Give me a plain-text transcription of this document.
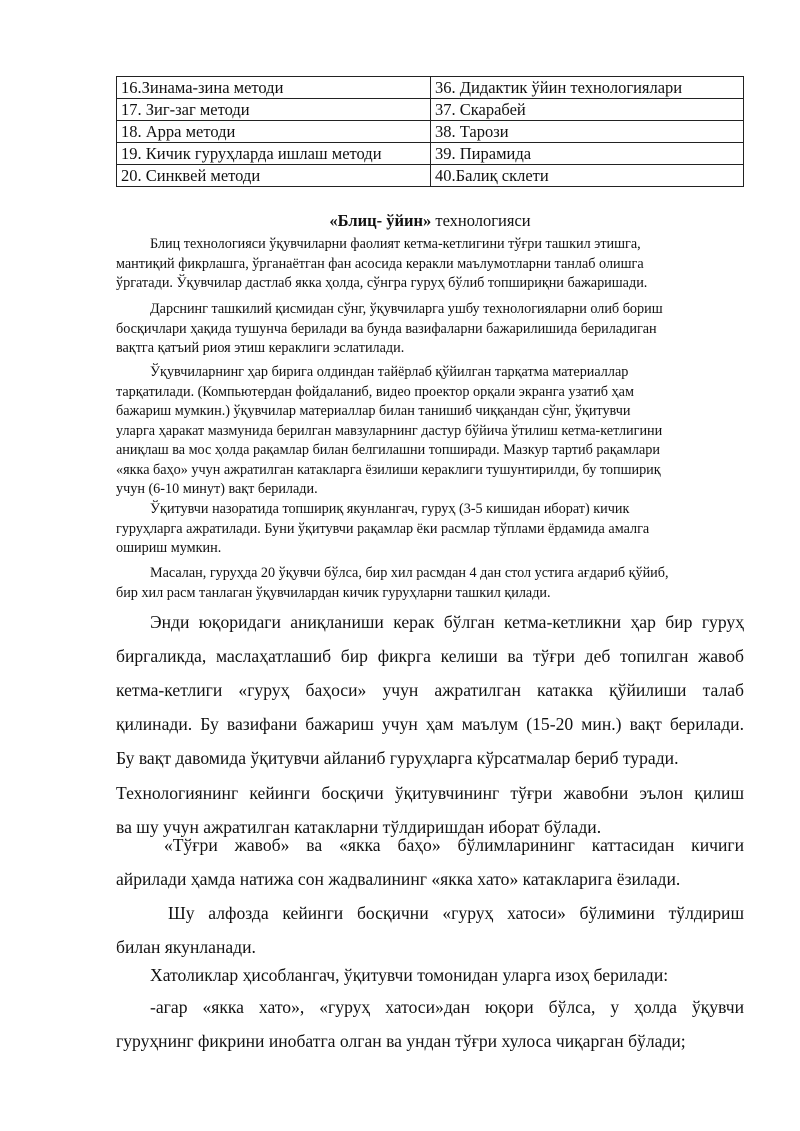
16.Зинама-зина методи	36. Дидактик ўйин технологиялари
17. Зиг-заг методи	37. Скарабей
18. Арра методи	38. Тарози
19. Кичик гуруҳларда ишлаш методи	39. Пирамида
20. Синквей методи	40.Балиқ склети
«Блиц- ўйин» технологияси

Блиц технологияси ўқувчиларни фаолият кетма-кетлигини тўғри ташкил этишга,
мантиқий фикрлашга, ўрганаётган фан асосида керакли маълумотларни танлаб олишга
ўргатади. Ўқувчилар дастлаб якка ҳолда, сўнгра гуруҳ бўлиб топшириқни бажаришади.

Дарснинг ташкилий қисмидан сўнг, ўқувчиларга ушбу технологияларни олиб бориш
босқичлари ҳақида тушунча берилади ва бунда вазифаларни бажарилишида бериладиган
вақтга қатъий риоя этиш кераклиги эслатилади.

Ўқувчиларнинг ҳар бирига олдиндан тайёрлаб қўйилган тарқатма материаллар
тарқатилади. (Компьютердан фойдаланиб, видео проектор орқали экранга узатиб ҳам
бажариш мумкин.) ўқувчилар материаллар билан танишиб чиққандан сўнг, ўқитувчи
уларга ҳаракат мазмунида берилган мавзуларнинг дастур бўйича ўтилиш кетма-кетлигини
аниқлаш ва мос ҳолда рақамлар билан белгилашни топширади. Мазкур тартиб рақамлари
«якка баҳо» учун ажратилган катакларга ёзилиши кераклиги тушунтирилди, бу топшириқ
учун (6-10 минут) вақт берилади.

Ўқитувчи назоратида топшириқ якунлангач, гуруҳ (3-5 кишидан иборат) кичик
гуруҳларга ажратилади. Буни ўқитувчи рақамлар ёки расмлар тўплами ёрдамида амалга
ошириш мумкин.

Масалан, гуруҳда 20 ўқувчи бўлса, бир хил расмдан 4 дан стол устига ағдариб қўйиб,
бир хил расм танлаган ўқувчилардан кичик гуруҳларни ташкил қилади.

Энди юқоридаги аниқланиши керак бўлган кетма-кетликни ҳар бир гуруҳ
биргаликда, маслаҳатлашиб бир фикрга келиши ва тўғри деб топилган жавоб
кетма-кетлиги «гуруҳ баҳоси» учун ажратилган катакка қўйилиши талаб
қилинади. Бу вазифани бажариш учун ҳам маълум (15-20 мин.) вақт берилади.
Бу вақт давомида ўқитувчи айланиб гуруҳларга кўрсатмалар бериб туради.
Технологиянинг кейинги босқичи ўқитувчининг тўғри жавобни эълон қилиш
ва шу учун ажратилган катакларни тўлдиришдан иборат бўлади.
«Тўғри жавоб» ва «якка баҳо» бўлимларининг каттасидан кичиги
айрилади ҳамда натижа сон жадвалининг «якка хато» катакларига ёзилади.
Шу алфозда кейинги босқични «гуруҳ хатоси» бўлимини тўлдириш
билан якунланади.
Хатоликлар ҳисоблангач, ўқитувчи томонидан уларга изоҳ берилади:
-агар «якка хато», «гуруҳ хатоси»дан юқори бўлса, у ҳолда ўқувчи
гуруҳнинг фикрини инобатга олган ва ундан тўғри хулоса чиқарган бўлади;
